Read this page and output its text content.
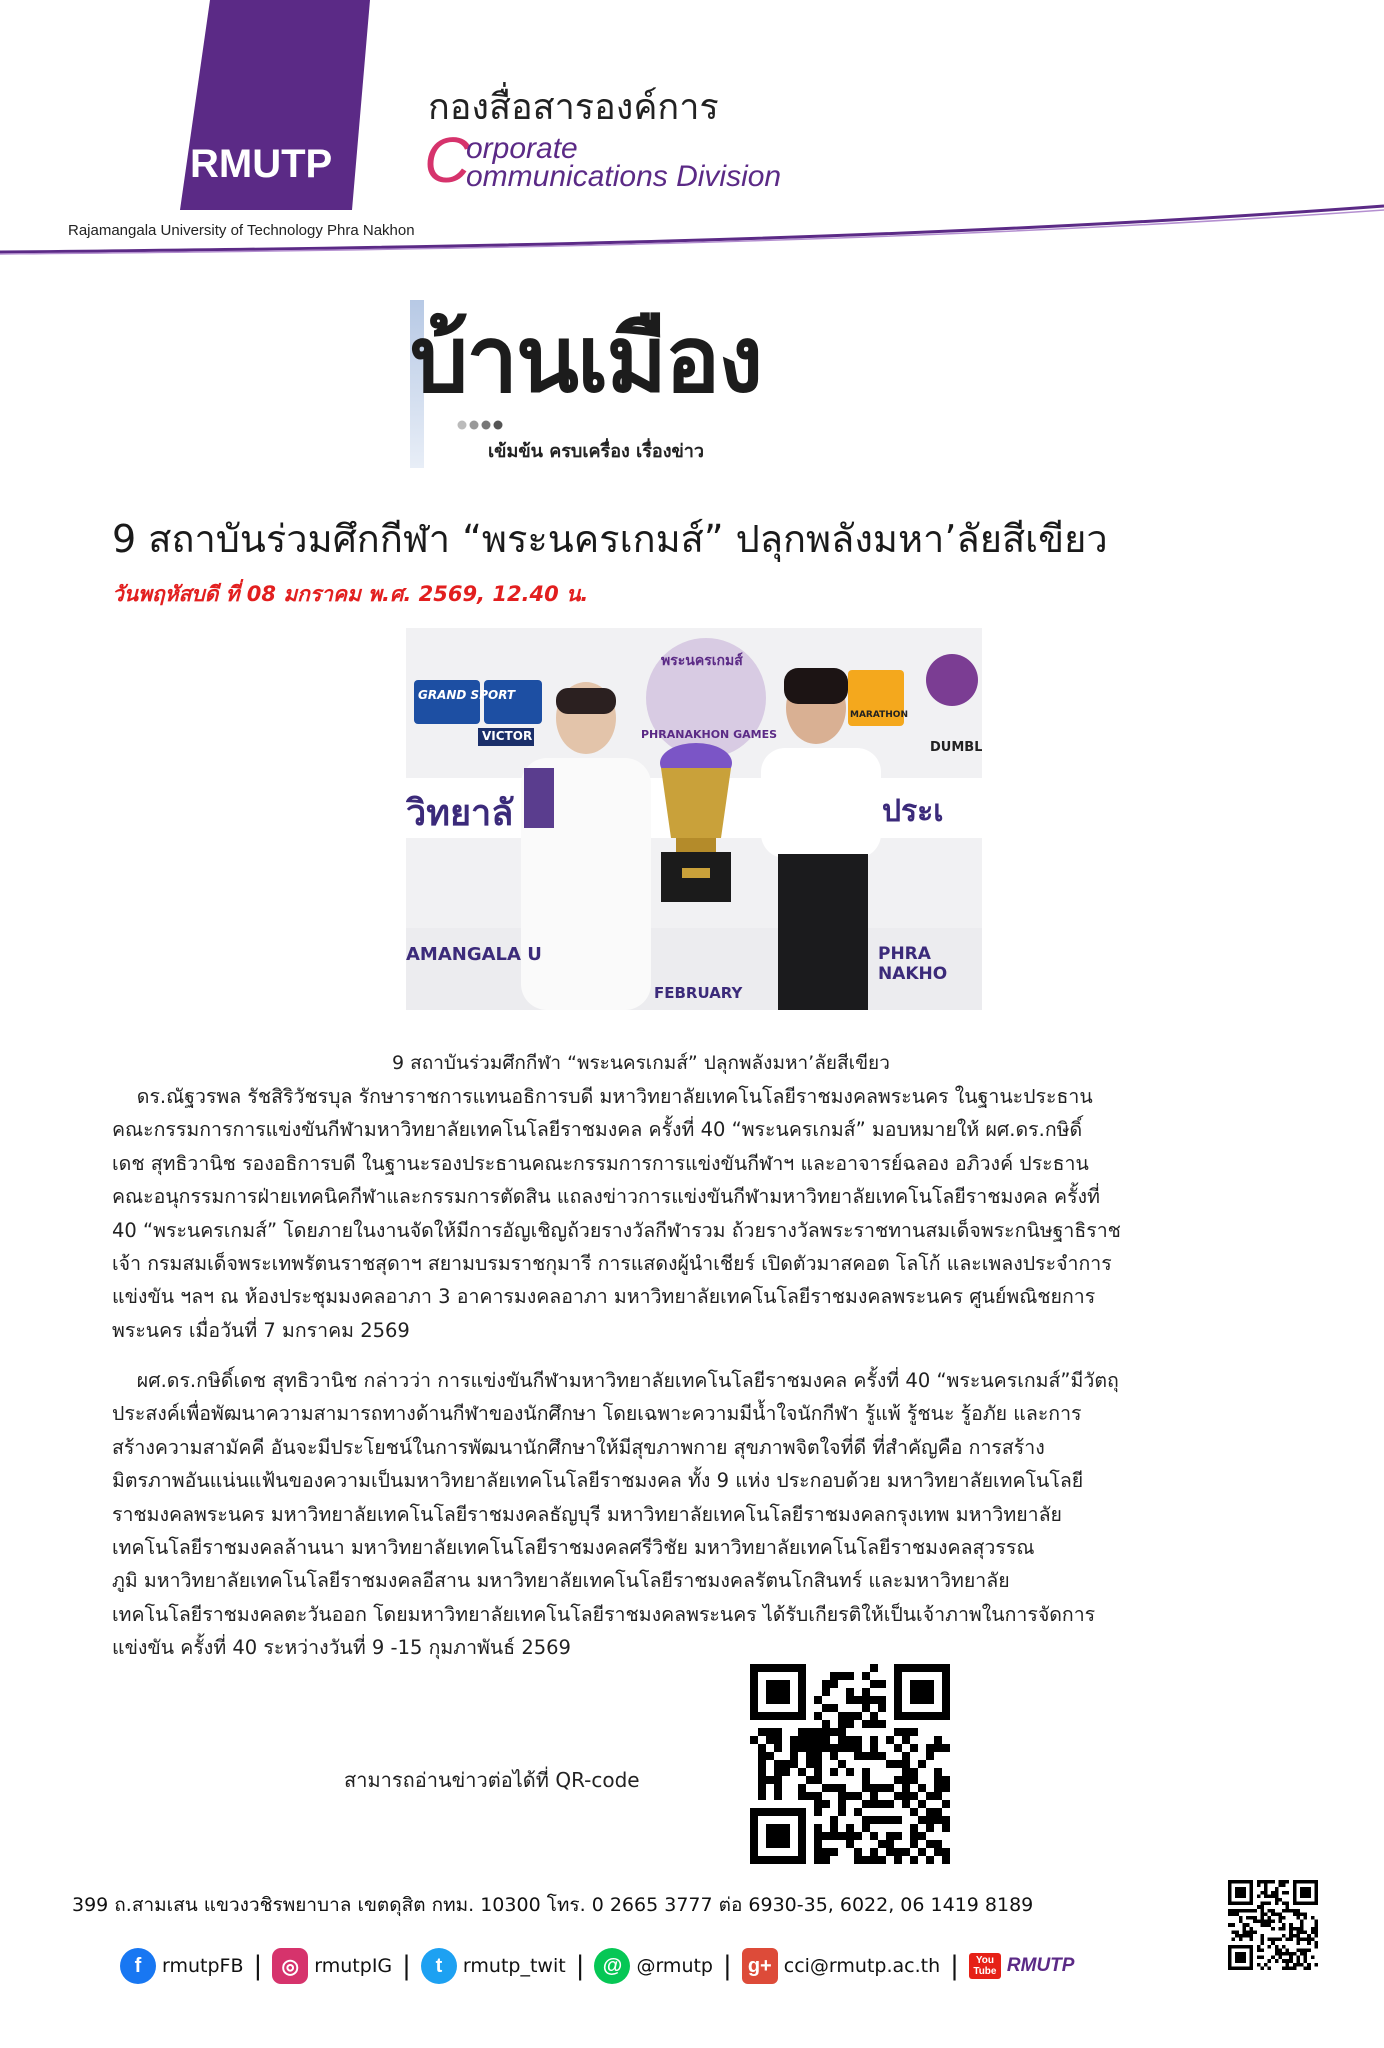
RMUTP
Rajamangala University of Technology Phra Nakhon
กองสื่อสารองค์การ
C
orporate
ommunications Division
บ้านเมือง
เข้มข้น ครบเครื่อง เรื่องข่าว
9 สถาบันร่วมศึกกีฬา “พระนครเกมส์” ปลุกพลังมหา’ลัยสีเขียว
วันพฤหัสบดี ที่ 08 มกราคม พ.ศ. 2569, 12.40 น.
GRAND SPORT
VICTOR
MARATHON
DUMBL
พระนครเกมส์
PHRANAKHON GAMES
วิทยาลั	ประเ
AMANGALA U	PHRA NAKHO
FEBRUARY
9 สถาบันร่วมศึกกีฬา “พระนครเกมส์” ปลุกพลังมหา’ลัยสีเขียว

ดร.ณัฐวรพล รัชสิริวัชรบุล รักษาราชการแทนอธิการบดี มหาวิทยาลัยเทคโนโลยีราชมงคลพระนคร ในฐานะประธาน

คณะกรรมการการแข่งขันกีฬามหาวิทยาลัยเทคโนโลยีราชมงคล ครั้งที่ 40 “พระนครเกมส์” มอบหมายให้ ผศ.ดร.กษิดิ์

เดช สุทธิวานิช รองอธิการบดี ในฐานะรองประธานคณะกรรมการการแข่งขันกีฬาฯ และอาจารย์ฉลอง อภิวงค์ ประธาน

คณะอนุกรรมการฝ่ายเทคนิคกีฬาและกรรมการตัดสิน แถลงข่าวการแข่งขันกีฬามหาวิทยาลัยเทคโนโลยีราชมงคล ครั้งที่

40 “พระนครเกมส์” โดยภายในงานจัดให้มีการอัญเชิญถ้วยรางวัลกีฬารวม ถ้วยรางวัลพระราชทานสมเด็จพระกนิษฐาธิราช

เจ้า กรมสมเด็จพระเทพรัตนราชสุดาฯ สยามบรมราชกุมารี การแสดงผู้นำเชียร์ เปิดตัวมาสคอต โลโก้ และเพลงประจำการ

แข่งขัน ฯลฯ ณ ห้องประชุมมงคลอาภา 3 อาคารมงคลอาภา มหาวิทยาลัยเทคโนโลยีราชมงคลพระนคร ศูนย์พณิชยการ

พระนคร เมื่อวันที่ 7 มกราคม 2569

ผศ.ดร.กษิดิ์เดช สุทธิวานิช กล่าวว่า การแข่งขันกีฬามหาวิทยาลัยเทคโนโลยีราชมงคล ครั้งที่ 40 “พระนครเกมส์”มีวัตถุ

ประสงค์เพื่อพัฒนาความสามารถทางด้านกีฬาของนักศึกษา โดยเฉพาะความมีน้ำใจนักกีฬา รู้แพ้ รู้ชนะ รู้อภัย และการ

สร้างความสามัคคี อันจะมีประโยชน์ในการพัฒนานักศึกษาให้มีสุขภาพกาย สุขภาพจิตใจที่ดี ที่สำคัญคือ การสร้าง

มิตรภาพอันแน่นแฟ้นของความเป็นมหาวิทยาลัยเทคโนโลยีราชมงคล ทั้ง 9 แห่ง ประกอบด้วย มหาวิทยาลัยเทคโนโลยี

ราชมงคลพระนคร มหาวิทยาลัยเทคโนโลยีราชมงคลธัญบุรี มหาวิทยาลัยเทคโนโลยีราชมงคลกรุงเทพ มหาวิทยาลัย

เทคโนโลยีราชมงคลล้านนา มหาวิทยาลัยเทคโนโลยีราชมงคลศรีวิชัย มหาวิทยาลัยเทคโนโลยีราชมงคลสุวรรณ

ภูมิ มหาวิทยาลัยเทคโนโลยีราชมงคลอีสาน มหาวิทยาลัยเทคโนโลยีราชมงคลรัตนโกสินทร์ และมหาวิทยาลัย

เทคโนโลยีราชมงคลตะวันออก โดยมหาวิทยาลัยเทคโนโลยีราชมงคลพระนคร ได้รับเกียรติให้เป็นเจ้าภาพในการจัดการ

แข่งขัน ครั้งที่ 40 ระหว่างวันที่ 9 -15 กุมภาพันธ์ 2569

สามารถอ่านข่าวต่อได้ที่ QR-code
399 ถ.สามเสน แขวงวชิรพยาบาล เขตดุสิต กทม. 10300 โทร. 0 2665 3777 ต่อ 6930-35, 6022, 06 1419 8189
f	rmutpFB | ◎ rmutpIG |	t	rmutp_twit | @ @rmutp | g+ cci@rmutp.ac.th |	You Tube RMUTP
